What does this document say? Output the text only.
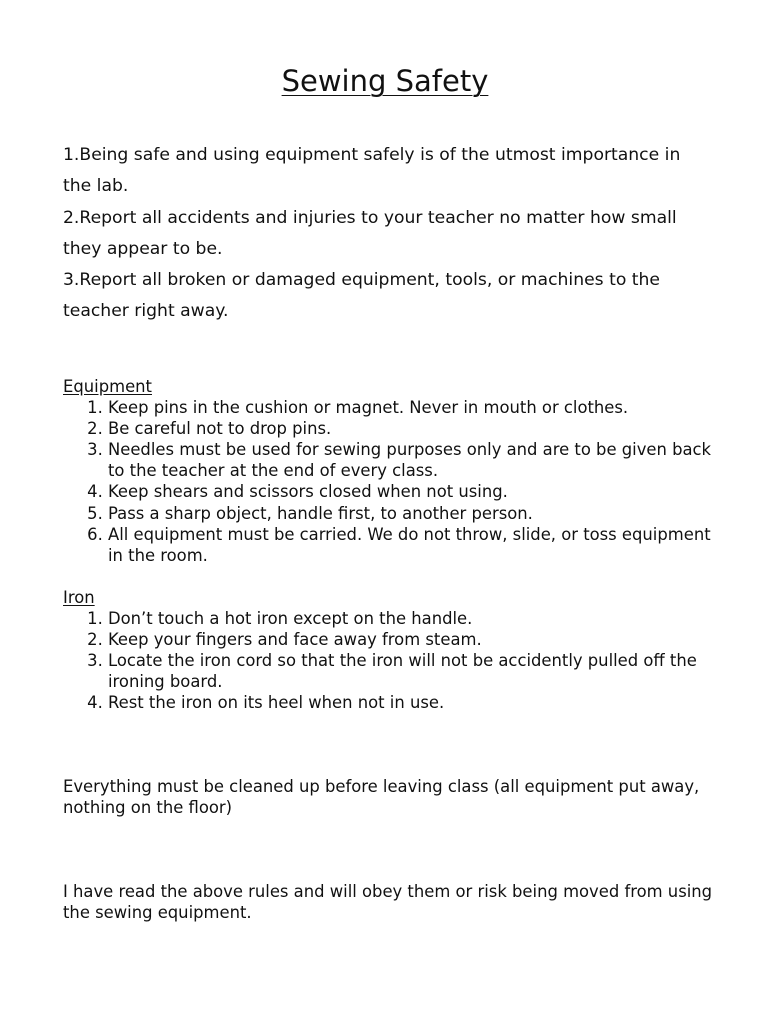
Sewing Safety

1.Being safe and using equipment safely is of the utmost importance in the lab.

2.Report all accidents and injuries to your teacher no matter how small they appear to be.

3.Report all broken or damaged equipment, tools, or machines to the teacher right away.

Equipment
1. Keep pins in the cushion or magnet. Never in mouth or clothes.
2. Be careful not to drop pins.
3. Needles must be used for sewing purposes only and are to be given back to the teacher at the end of every class.
4. Keep shears and scissors closed when not using.
5. Pass a sharp object, handle first, to another person.
6. All equipment must be carried. We do not throw, slide, or toss equipment in the room.
Iron
1. Don’t touch a hot iron except on the handle.
2. Keep your fingers and face away from steam.
3. Locate the iron cord so that the iron will not be accidently pulled off the ironing board.
4. Rest the iron on its heel when not in use.

Everything must be cleaned up before leaving class (all equipment put away, nothing on the floor)

I have read the above rules and will obey them or risk being moved from using the sewing equipment.
